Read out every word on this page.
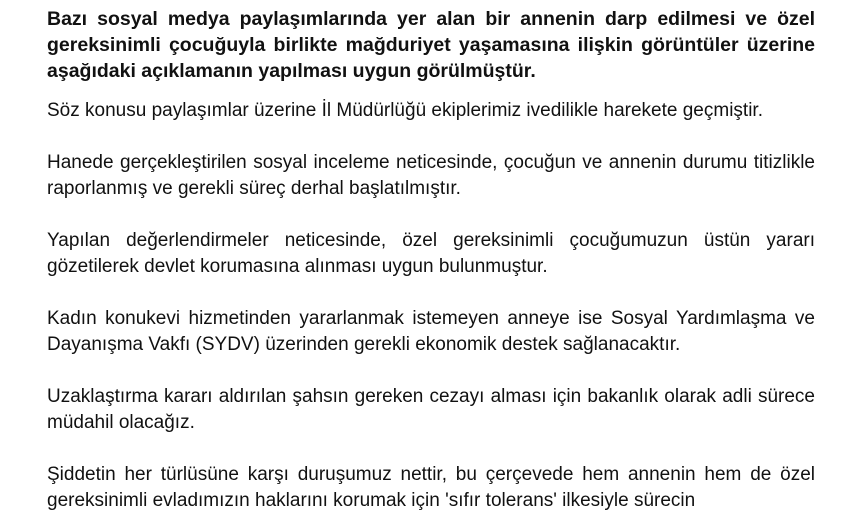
Bazı sosyal medya paylaşımlarında yer alan bir annenin darp edilmesi ve özel gereksinimli çocuğuyla birlikte mağduriyet yaşamasına ilişkin görüntüler üzerine aşağıdaki açıklamanın yapılması uygun görülmüştür.

Söz konusu paylaşımlar üzerine İl Müdürlüğü ekiplerimiz ivedilikle harekete geçmiştir.

Hanede gerçekleştirilen sosyal inceleme neticesinde, çocuğun ve annenin durumu titizlikle raporlanmış ve gerekli süreç derhal başlatılmıştır.

Yapılan değerlendirmeler neticesinde, özel gereksinimli çocuğumuzun üstün yararı gözetilerek devlet korumasına alınması uygun bulunmuştur.

Kadın konukevi hizmetinden yararlanmak istemeyen anneye ise Sosyal Yardımlaşma ve Dayanışma Vakfı (SYDV) üzerinden gerekli ekonomik destek sağlanacaktır.

Uzaklaştırma kararı aldırılan şahsın gereken cezayı alması için bakanlık olarak adli sürece müdahil olacağız.

Şiddetin her türlüsüne karşı duruşumuz nettir, bu çerçevede hem annenin hem de özel gereksinimli evladımızın haklarını korumak için 'sıfır tolerans' ilkesiyle sürecin
